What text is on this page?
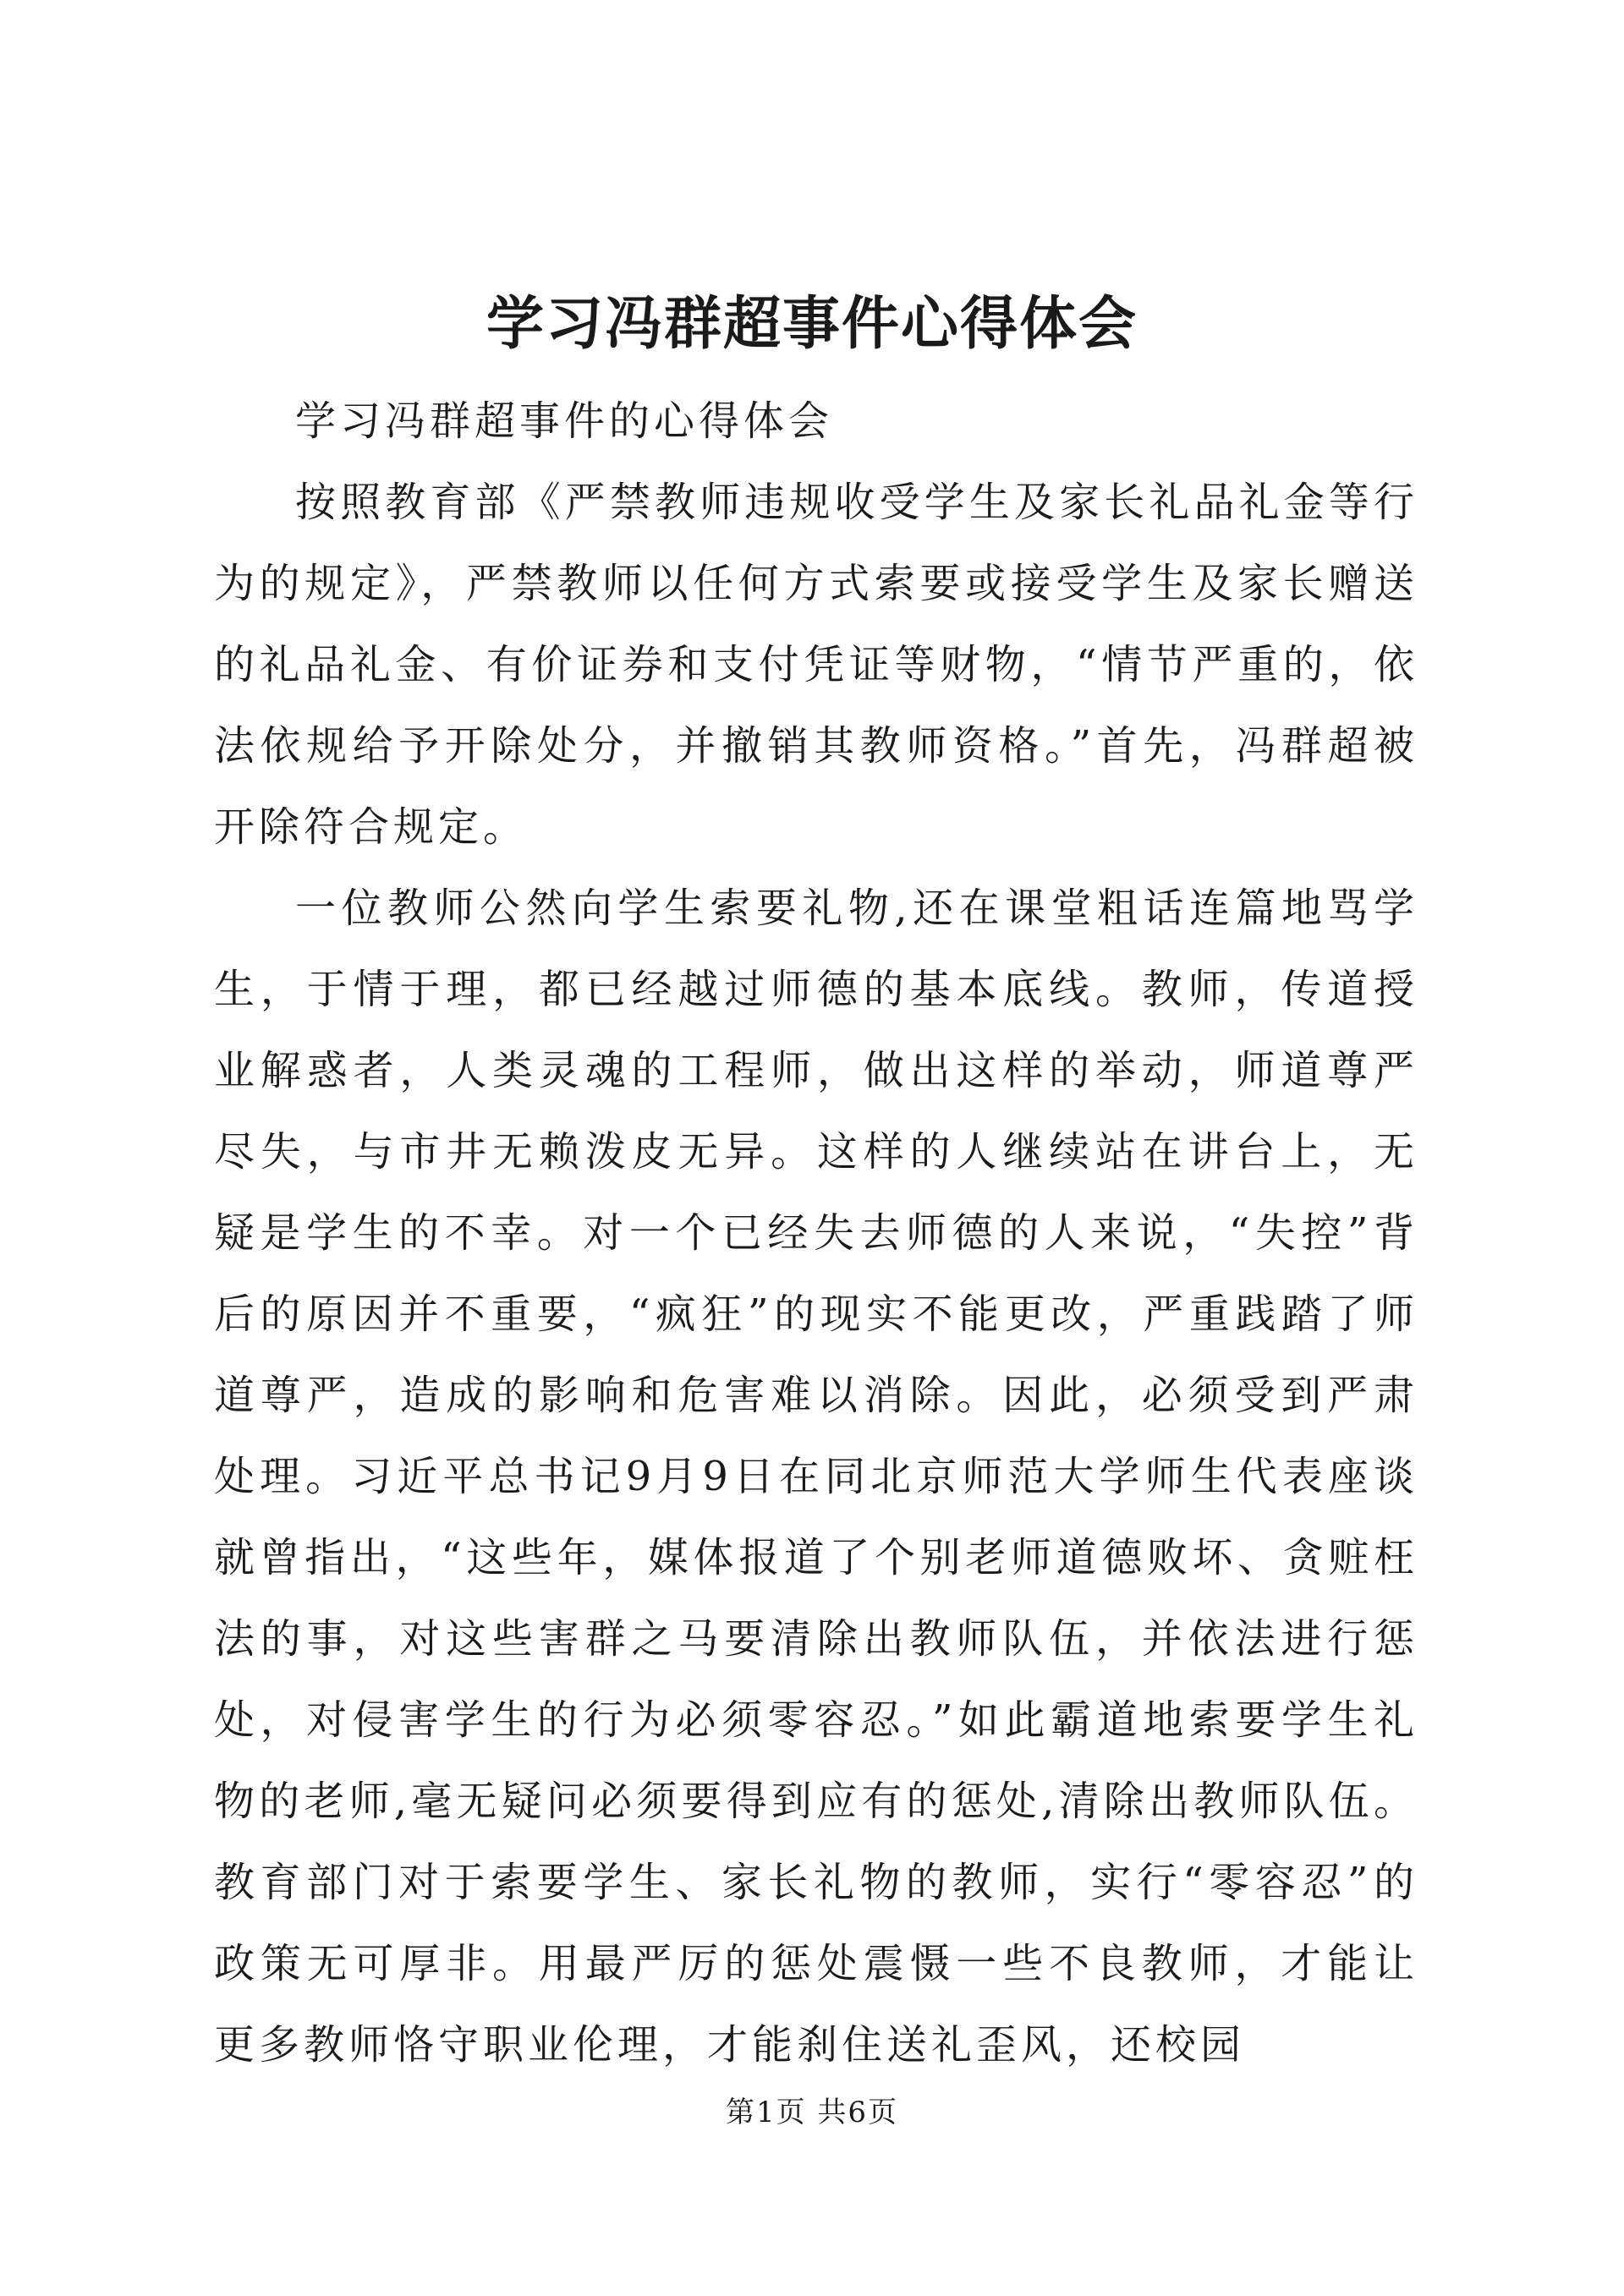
学习冯群超事件心得体会

学习冯群超事件的心得体会

按照教育部《严禁教师违规收受学生及家长礼品礼金等行为的规定》，严禁教师以任何方式索要或接受学生及家长赠送的礼品礼金、有价证券和支付凭证等财物，“情节严重的，依法依规给予开除处分，并撤销其教师资格。”首先，冯群超被开除符合规定。

一位教师公然向学生索要礼物,还在课堂粗话连篇地骂学生，于情于理，都已经越过师德的基本底线。教师，传道授业解惑者，人类灵魂的工程师，做出这样的举动，师道尊严尽失，与市井无赖泼皮无异。这样的人继续站在讲台上，无疑是学生的不幸。对一个已经失去师德的人来说，“失控”背后的原因并不重要，“疯狂”的现实不能更改，严重践踏了师道尊严，造成的影响和危害难以消除。因此，必须受到严肃处理。习近平总书记9月9日在同北京师范大学师生代表座谈就曾指出，“这些年，媒体报道了个别老师道德败坏、贪赃枉法的事，对这些害群之马要清除出教师队伍，并依法进行惩处，对侵害学生的行为必须零容忍。”如此霸道地索要学生礼物的老师,毫无疑问必须要得到应有的惩处,清除出教师队伍。教育部门对于索要学生、家长礼物的教师，实行“零容忍”的政策无可厚非。用最严厉的惩处震慑一些不良教师，才能让更多教师恪守职业伦理，才能刹住送礼歪风，还校园

第1页 共6页
